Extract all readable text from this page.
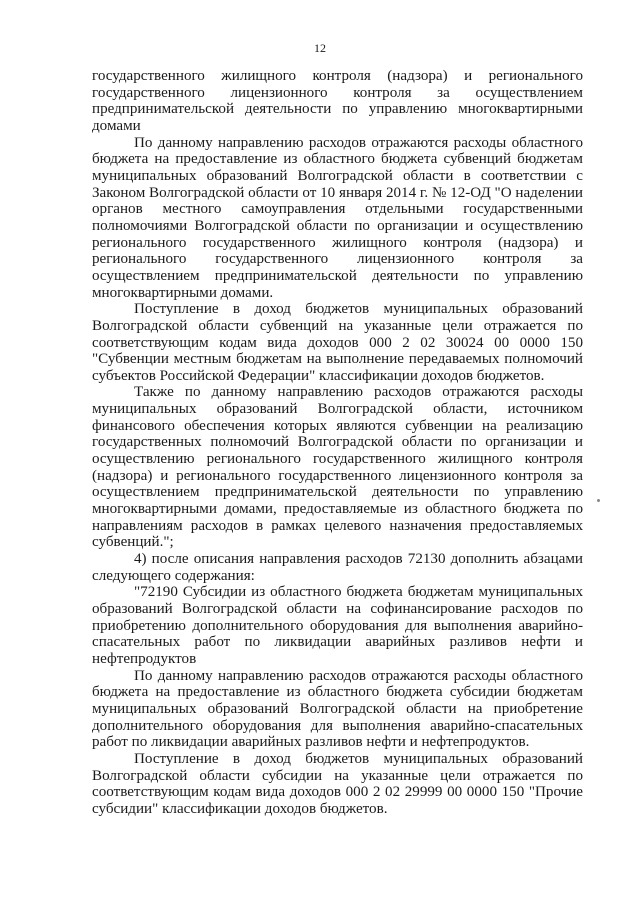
12

государственного жилищного контроля (надзора) и регионального государственного лицензионного контроля за осуществлением предпринимательской деятельности по управлению многоквартирными домами

По данному направлению расходов отражаются расходы областного бюджета на предоставление из областного бюджета субвенций бюджетам муниципальных образований Волгоградской области в соответствии с Законом Волгоградской области от 10 января 2014 г. № 12-ОД "О наделении органов местного самоуправления отдельными государственными полномочиями Волгоградской области по организации и осуществлению регионального государственного жилищного контроля (надзора) и регионального государственного лицензионного контроля за осуществлением предпринимательской деятельности по управлению многоквартирными домами.

Поступление в доход бюджетов муниципальных образований Волгоградской области субвенций на указанные цели отражается по соответствующим кодам вида доходов 000 2 02 30024 00 0000 150 "Субвенции местным бюджетам на выполнение передаваемых полномочий субъектов Российской Федерации" классификации доходов бюджетов.

Также по данному направлению расходов отражаются расходы муниципальных образований Волгоградской области, источником финансового обеспечения которых являются субвенции на реализацию государственных полномочий Волгоградской области по организации и осуществлению регионального государственного жилищного контроля (надзора) и регионального государственного лицензионного контроля за осуществлением предпринимательской деятельности по управлению многоквартирными домами, предоставляемые из областного бюджета по направлениям расходов в рамках целевого назначения предоставляемых субвенций.";

4) после описания направления расходов 72130 дополнить абзацами следующего содержания:

"72190 Субсидии из областного бюджета бюджетам муниципальных образований Волгоградской области на софинансирование расходов по приобретению дополнительного оборудования для выполнения аварийно-спасательных работ по ликвидации аварийных разливов нефти и нефтепродуктов

По данному направлению расходов отражаются расходы областного бюджета на предоставление из областного бюджета субсидии бюджетам муниципальных образований Волгоградской области на приобретение дополнительного оборудования для выполнения аварийно-спасательных работ по ликвидации аварийных разливов нефти и нефтепродуктов.

Поступление в доход бюджетов муниципальных образований Волгоградской области субсидии на указанные цели отражается по соответствующим кодам вида доходов 000 2 02 29999 00 0000 150 "Прочие субсидии" классификации доходов бюджетов.
